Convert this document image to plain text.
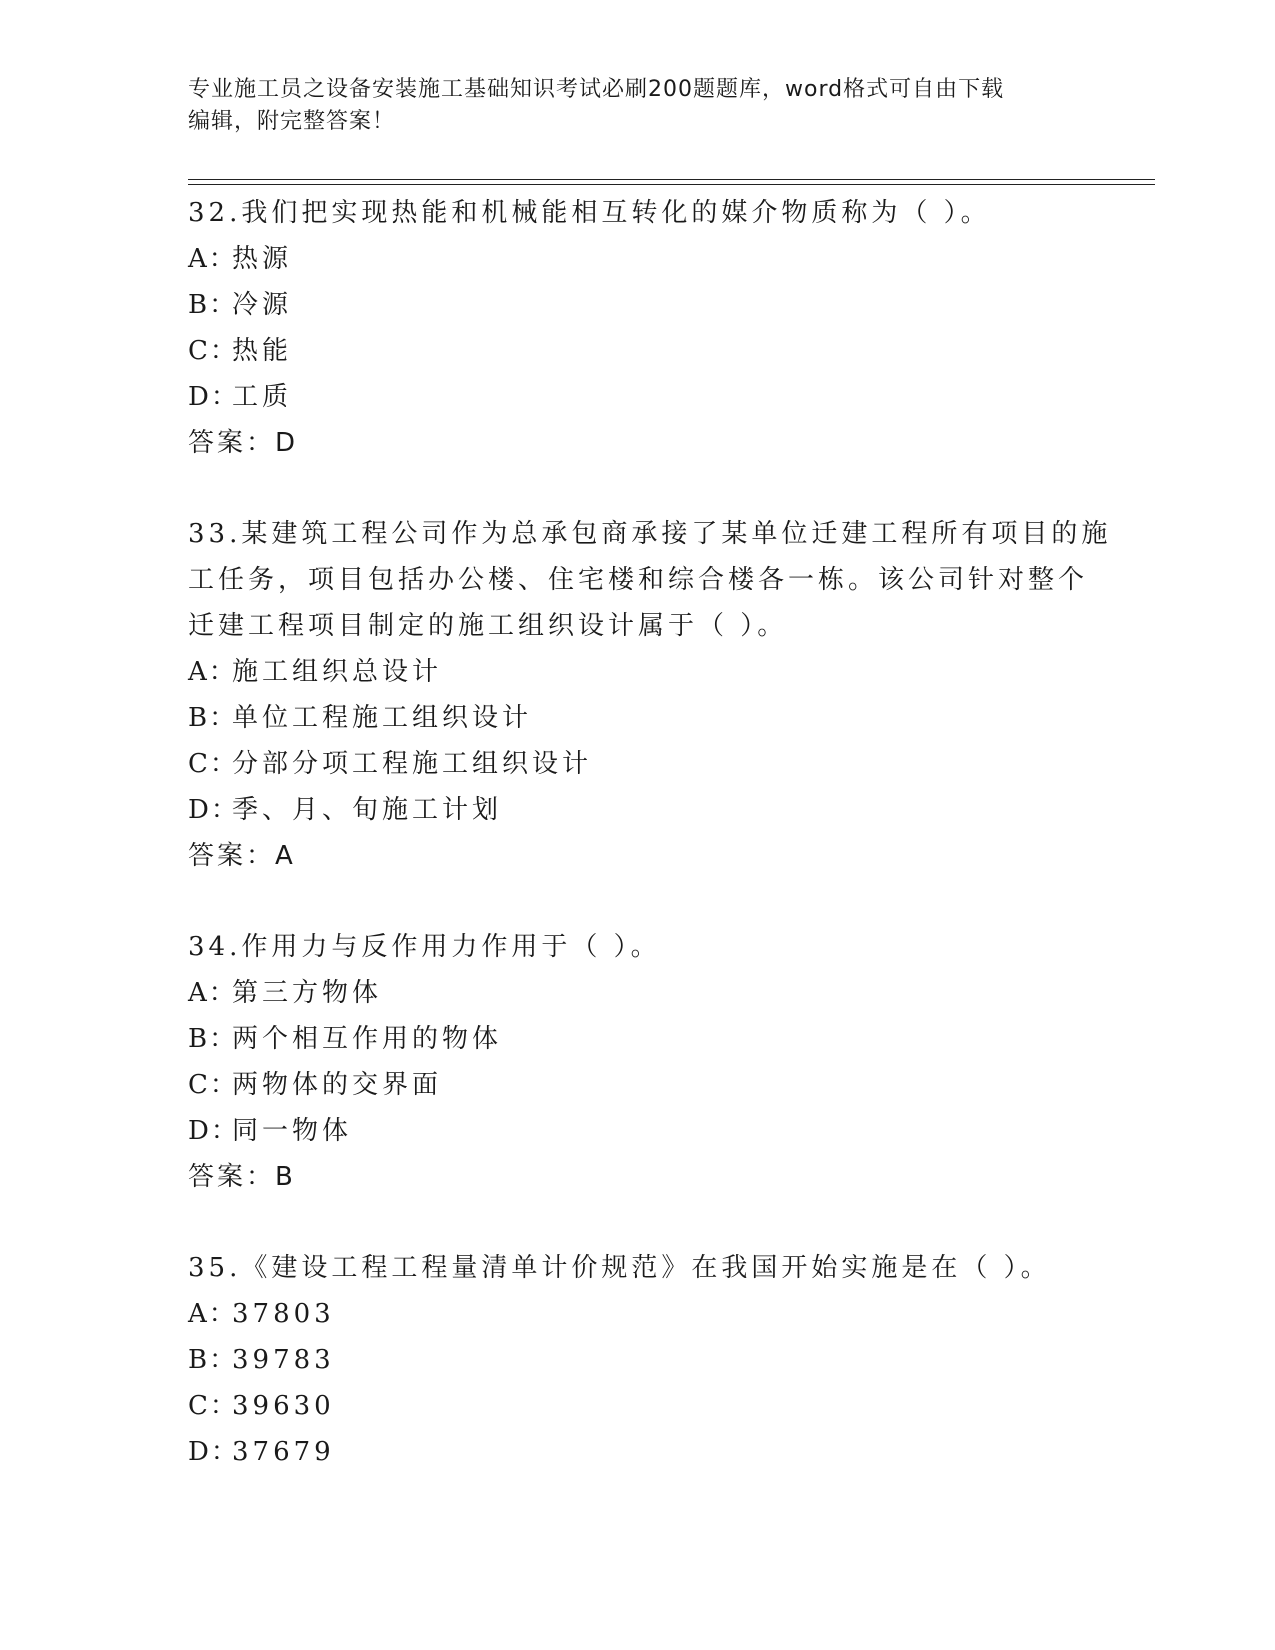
专业施工员之设备安装施工基础知识考试必刷200题题库，word格式可自由下载
编辑，附完整答案！
32.我们把实现热能和机械能相互转化的媒介物质称为（ ）。
A：热源
B：冷源
C：热能
D：工质
答案：D
33.某建筑工程公司作为总承包商承接了某单位迁建工程所有项目的施
工任务，项目包括办公楼、住宅楼和综合楼各一栋。该公司针对整个
迁建工程项目制定的施工组织设计属于（ ）。
A：施工组织总设计
B：单位工程施工组织设计
C：分部分项工程施工组织设计
D：季、月、旬施工计划
答案：A
34.作用力与反作用力作用于（ ）。
A：第三方物体
B：两个相互作用的物体
C：两物体的交界面
D：同一物体
答案：B
35.《建设工程工程量清单计价规范》在我国开始实施是在（ ）。
A：37803
B：39783
C：39630
D：37679
